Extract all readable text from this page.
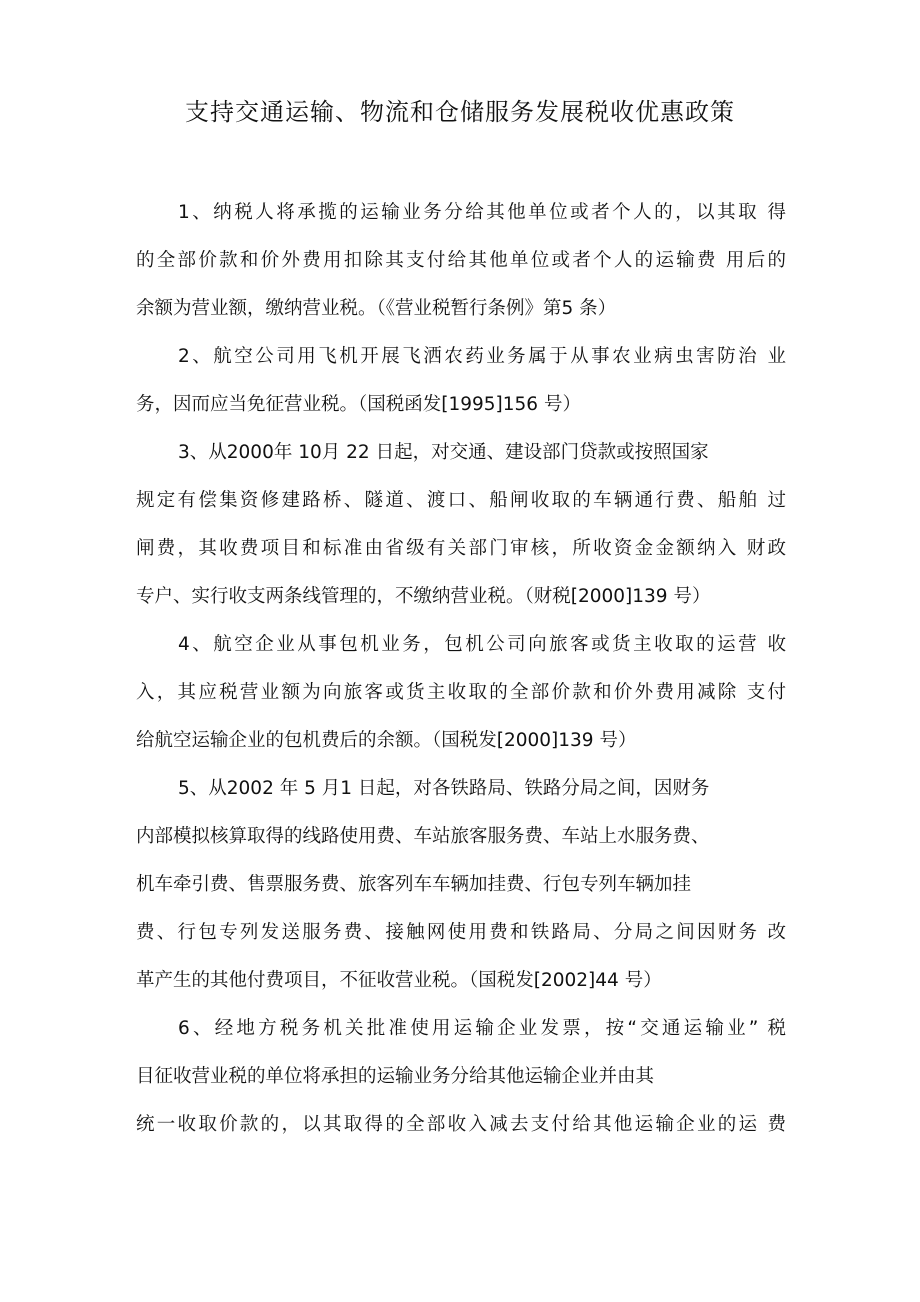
支持交通运输、物流和仓储服务发展税收优惠政策

1、纳税人将承揽的运输业务分给其他单位或者个人的，以其取 得

的全部价款和价外费用扣除其支付给其他单位或者个人的运输费 用后的

余额为营业额，缴纳营业税。（《营业税暂行条例》第5 条）

2、航空公司用飞机开展飞洒农药业务属于从事农业病虫害防治 业

务，因而应当免征营业税。（国税函发[1995]156 号）

3、从2000年 10月 22 日起，对交通、建设部门贷款或按照国家

规定有偿集资修建路桥、隧道、渡口、船闸收取的车辆通行费、船舶 过

闸费，其收费项目和标准由省级有关部门审核，所收资金金额纳入 财政

专户、实行收支两条线管理的，不缴纳营业税。（财税[2000]139 号）

4、航空企业从事包机业务，包机公司向旅客或货主收取的运营 收

入，其应税营业额为向旅客或货主收取的全部价款和价外费用减除 支付

给航空运输企业的包机费后的余额。（国税发[2000]139 号）

5、从2002 年 5 月1 日起，对各铁路局、铁路分局之间，因财务

内部模拟核算取得的线路使用费、车站旅客服务费、车站上水服务费、

机车牵引费、售票服务费、旅客列车车辆加挂费、行包专列车辆加挂

费、行包专列发送服务费、接触网使用费和铁路局、分局之间因财务 改

革产生的其他付费项目，不征收营业税。（国税发[2002]44 号）

6、经地方税务机关批准使用运输企业发票，按“交通运输业” 税

目征收营业税的单位将承担的运输业务分给其他运输企业并由其

统一收取价款的，以其取得的全部收入减去支付给其他运输企业的运 费
